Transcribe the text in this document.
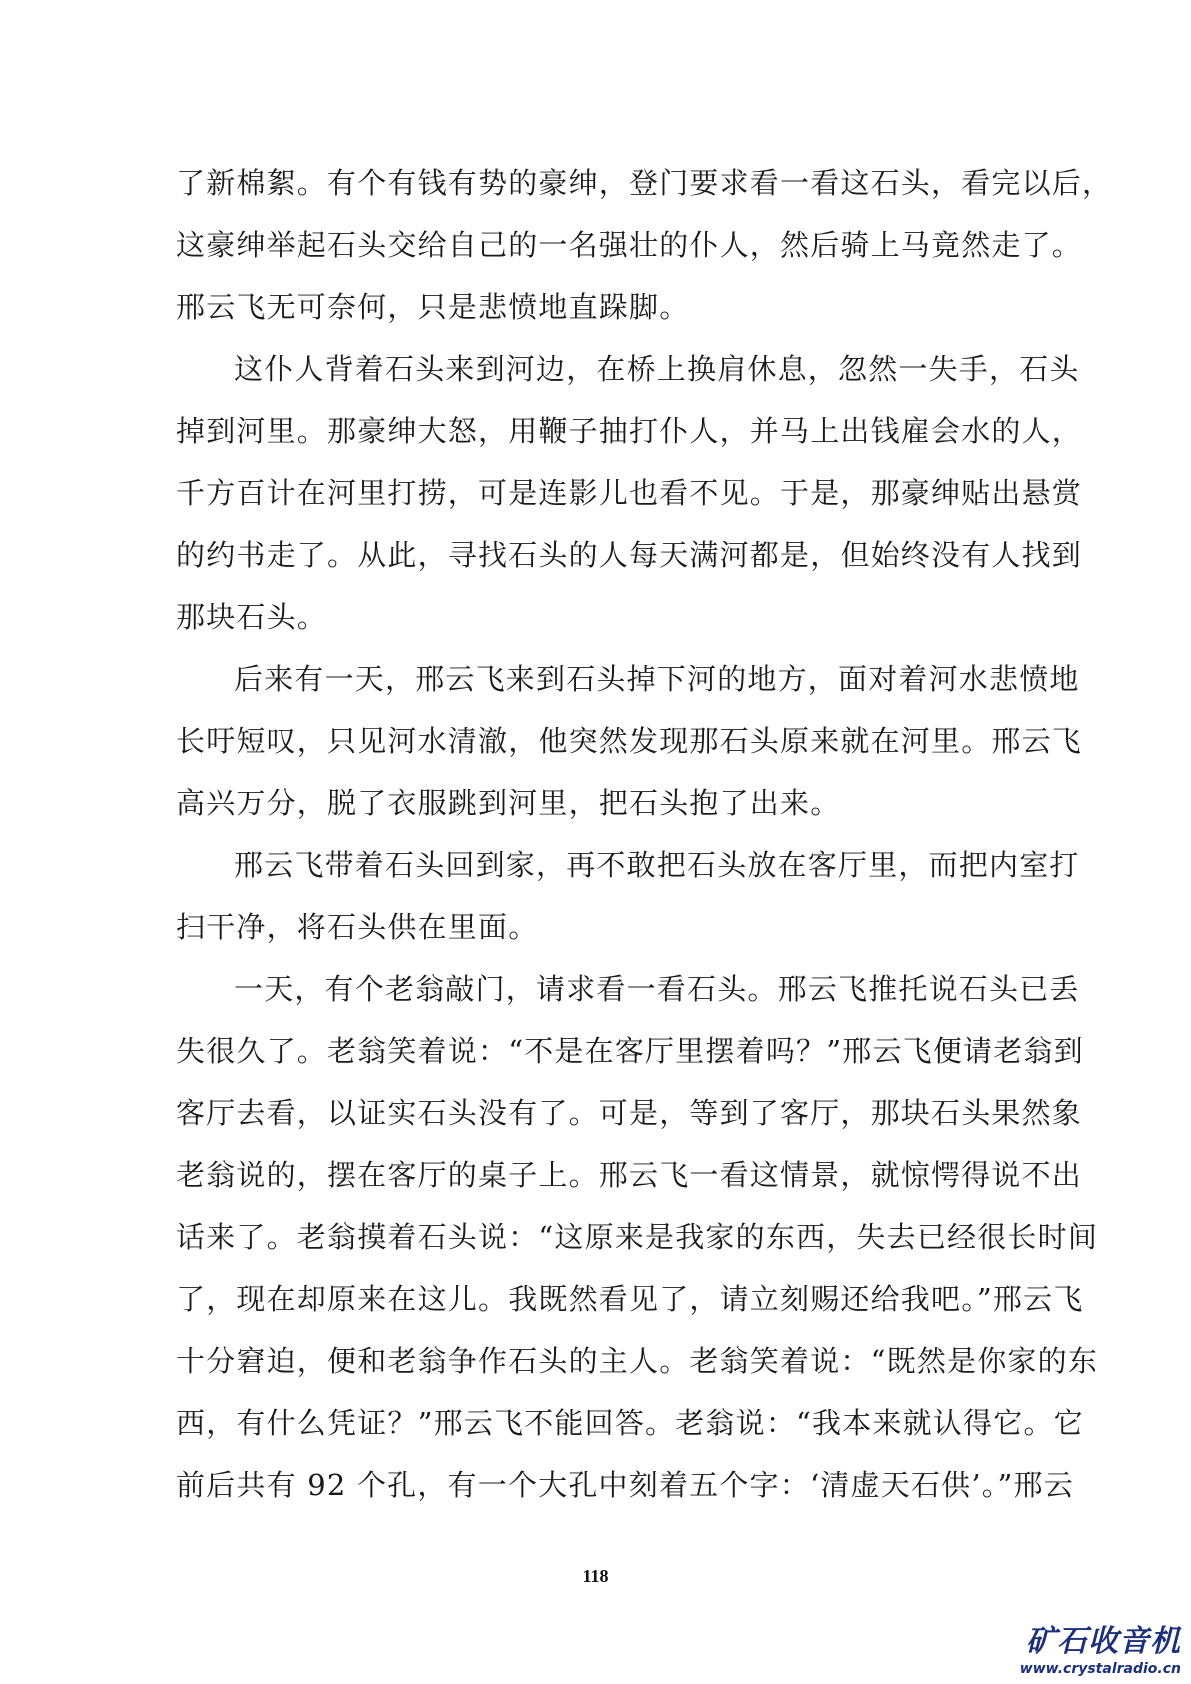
了新棉絮。有个有钱有势的豪绅，登门要求看一看这石头，看完以后，
这豪绅举起石头交给自己的一名强壮的仆人，然后骑上马竟然走了。
邢云飞无可奈何，只是悲愤地直跺脚。
这仆人背着石头来到河边，在桥上换肩休息，忽然一失手，石头
掉到河里。那豪绅大怒，用鞭子抽打仆人，并马上出钱雇会水的人，
千方百计在河里打捞，可是连影儿也看不见。于是，那豪绅贴出悬赏
的约书走了。从此，寻找石头的人每天满河都是，但始终没有人找到
那块石头。
后来有一天，邢云飞来到石头掉下河的地方，面对着河水悲愤地
长吁短叹，只见河水清澈，他突然发现那石头原来就在河里。邢云飞
高兴万分，脱了衣服跳到河里，把石头抱了出来。
邢云飞带着石头回到家，再不敢把石头放在客厅里，而把内室打
扫干净，将石头供在里面。
一天，有个老翁敲门，请求看一看石头。邢云飞推托说石头已丢
失很久了。老翁笑着说：“不是在客厅里摆着吗？”邢云飞便请老翁到
客厅去看，以证实石头没有了。可是，等到了客厅，那块石头果然象
老翁说的，摆在客厅的桌子上。邢云飞一看这情景，就惊愕得说不出
话来了。老翁摸着石头说：“这原来是我家的东西，失去已经很长时间
了，现在却原来在这儿。我既然看见了，请立刻赐还给我吧。”邢云飞
十分窘迫，便和老翁争作石头的主人。老翁笑着说：“既然是你家的东
西，有什么凭证？”邢云飞不能回答。老翁说：“我本来就认得它。它
前后共有 92 个孔，有一个大孔中刻着五个字：‘清虚天石供’。”邢云
118
矿石收音机
www.crystalradio.cn
